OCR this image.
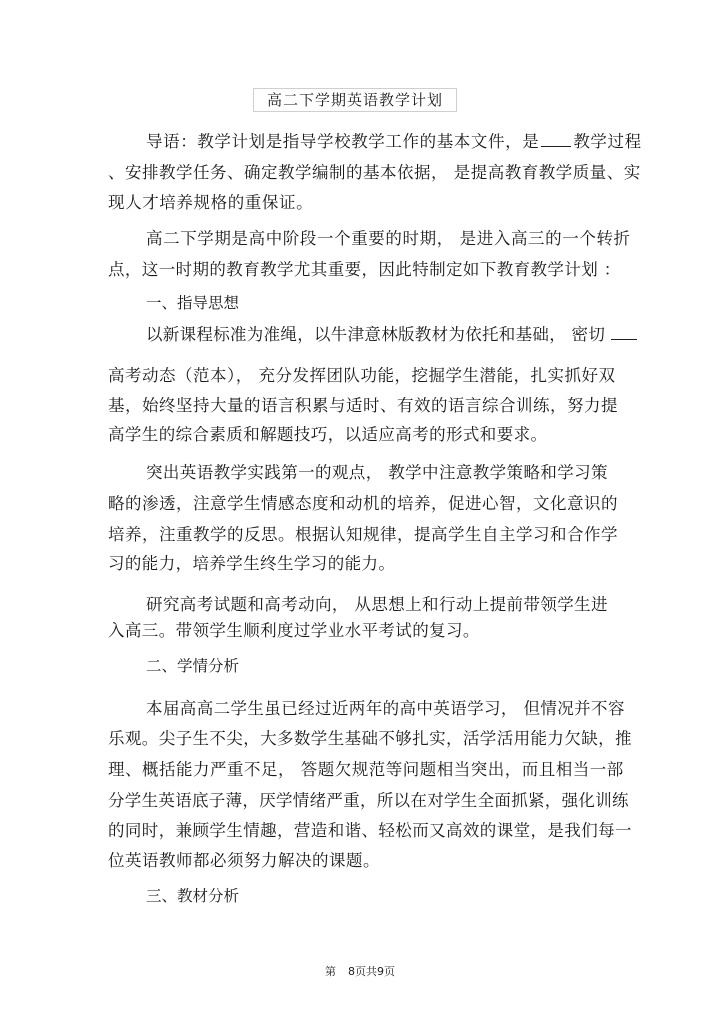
高二下学期英语教学计划
导语：教学计划是指导学校教学工作的基本文件，是 教学过程
、安排教学任务、确定教学编制的基本依据， 是提高教育教学质量、实
现人才培养规格的重保证。
高二下学期是高中阶段一个重要的时期， 是进入高三的一个转折
点，这一时期的教育教学尤其重要，因此特制定如下教育教学计划 ：
一、指导思想
以新课程标准为准绳，以牛津意林版教材为依托和基础， 密切
高考动态（范本）， 充分发挥团队功能，挖掘学生潜能，扎实抓好双
基，始终坚持大量的语言积累与适时、有效的语言综合训练，努力提
高学生的综合素质和解题技巧，以适应高考的形式和要求。
突出英语教学实践第一的观点， 教学中注意教学策略和学习策
略的渗透，注意学生情感态度和动机的培养，促进心智，文化意识的
培养，注重教学的反思。根据认知规律，提高学生自主学习和合作学
习的能力，培养学生终生学习的能力。
研究高考试题和高考动向， 从思想上和行动上提前带领学生进
入高三。带领学生顺利度过学业水平考试的复习。
二、学情分析
本届高高二学生虽已经过近两年的高中英语学习， 但情况并不容
乐观。尖子生不尖，大多数学生基础不够扎实，活学活用能力欠缺，推
理、概括能力严重不足， 答题欠规范等问题相当突出，而且相当一部
分学生英语底子薄，厌学情绪严重，所以在对学生全面抓紧，强化训练
的同时，兼顾学生情趣，营造和谐、轻松而又高效的课堂，是我们每一
位英语教师都必须努力解决的课题。
三、教材分析
第 8页共9页
